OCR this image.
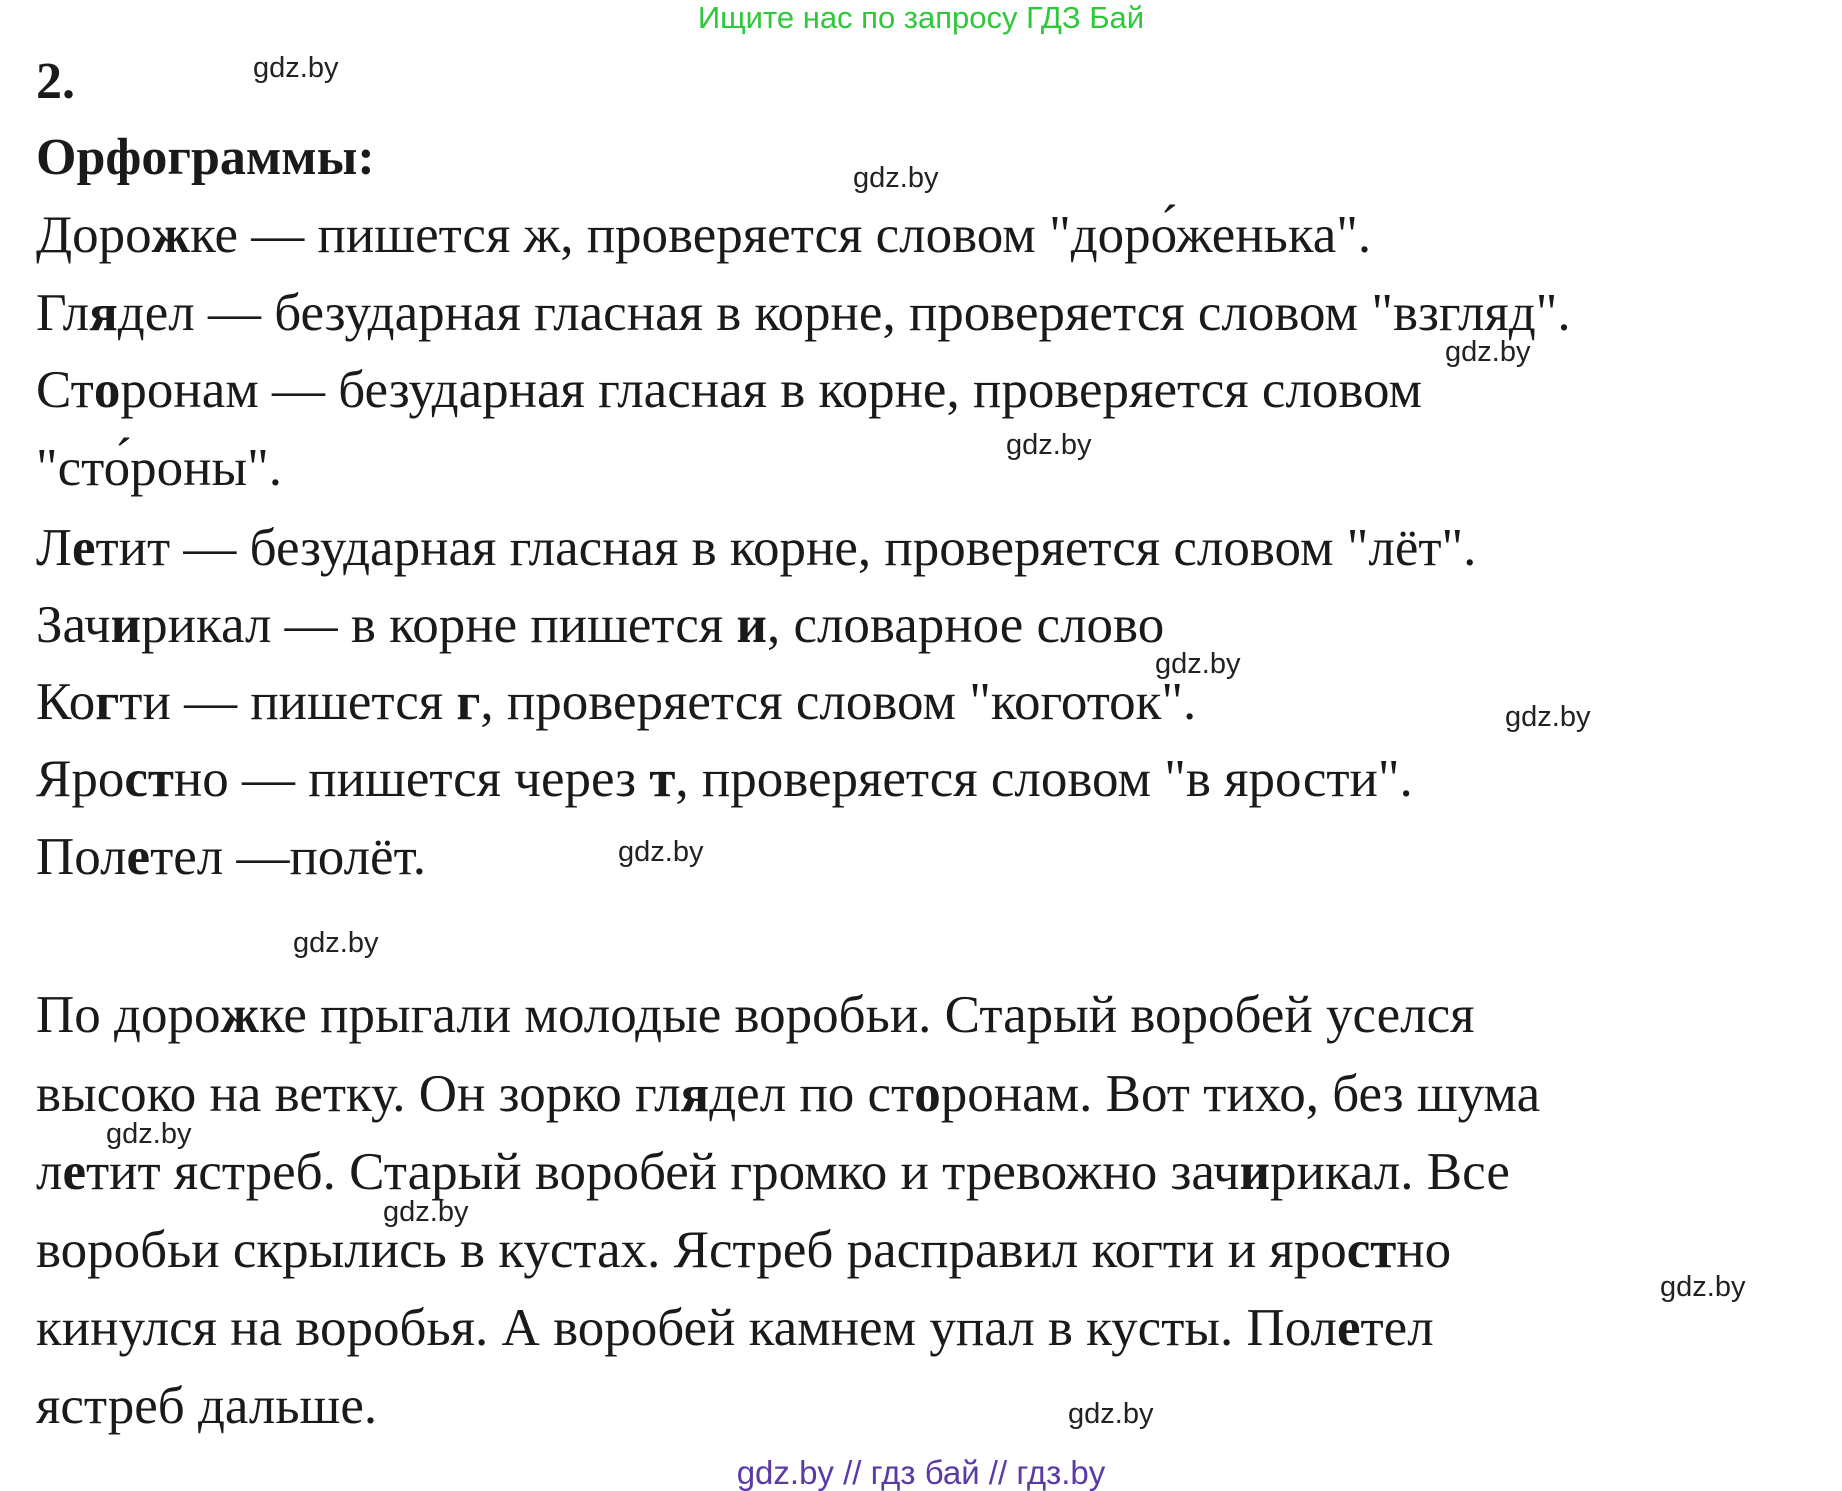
Ищите нас по запросу ГДЗ Бай
2.
Орфограммы:
Дорожке — пишется ж, проверяется словом "доро́женька".
Глядел — безударная гласная в корне, проверяется словом "взгляд".
Сторонам — безударная гласная в корне, проверяется словом
"сто́роны".
Летит — безударная гласная в корне, проверяется словом "лёт".
Зачирикал — в корне пишется и, словарное слово
Когти — пишется г, проверяется словом "коготок".
Яростно — пишется через т, проверяется словом "в ярости".
Полетел —полёт.
По дорожке прыгали молодые воробьи. Старый воробей уселся
высоко на ветку. Он зорко глядел по сторонам. Вот тихо, без шума
летит ястреб. Старый воробей громко и тревожно зачирикал. Все
воробьи скрылись в кустах. Ястреб расправил когти и яростно
кинулся на воробья. А воробей камнем упал в кусты. Полетел
ястреб дальше.
gdz.by
gdz.by
gdz.by
gdz.by
gdz.by
gdz.by
gdz.by
gdz.by
gdz.by
gdz.by
gdz.by
gdz.by
gdz.by // гдз бай // гдз.by
